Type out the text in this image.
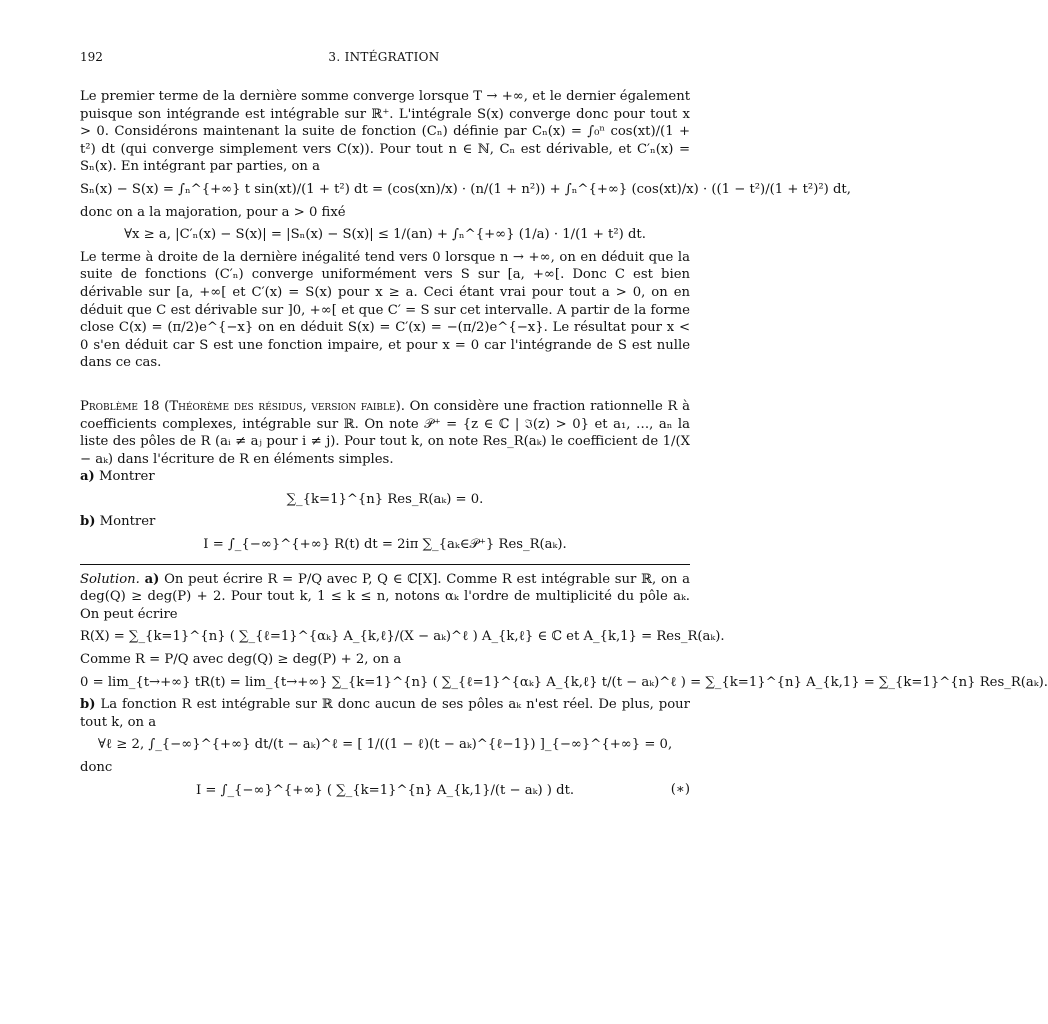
192	3. INTÉGRATION

Le premier terme de la dernière somme converge lorsque T → +∞, et le dernier également puisque son intégrande est intégrable sur ℝ⁺. L'intégrale S(x) converge donc pour tout x > 0. Considérons maintenant la suite de fonction (Cₙ) définie par Cₙ(x) = ∫₀ⁿ cos(xt)/(1 + t²) dt (qui converge simplement vers C(x)). Pour tout n ∈ ℕ, Cₙ est dérivable, et C′ₙ(x) = Sₙ(x). En intégrant par parties, on a

Sₙ(x) − S(x) = ∫ₙ^{+∞} t sin(xt)/(1 + t²) dt = (cos(xn)/x) · (n/(1 + n²)) + ∫ₙ^{+∞} (cos(xt)/x) · ((1 − t²)/(1 + t²)²) dt,

donc on a la majoration, pour a > 0 fixé

∀x ≥ a, |C′ₙ(x) − S(x)| = |Sₙ(x) − S(x)| ≤ 1/(an) + ∫ₙ^{+∞} (1/a) · 1/(1 + t²) dt.

Le terme à droite de la dernière inégalité tend vers 0 lorsque n → +∞, on en déduit que la suite de fonctions (C′ₙ) converge uniformément vers S sur [a, +∞[. Donc C est bien dérivable sur [a, +∞[ et C′(x) = S(x) pour x ≥ a. Ceci étant vrai pour tout a > 0, on en déduit que C est dérivable sur ]0, +∞[ et que C′ = S sur cet intervalle. A partir de la forme close C(x) = (π/2)e^{−x} on en déduit S(x) = C′(x) = −(π/2)e^{−x}. Le résultat pour x < 0 s'en déduit car S est une fonction impaire, et pour x = 0 car l'intégrande de S est nulle dans ce cas.

Problème 18 (Théorème des résidus, version faible). On considère une fraction rationnelle R à coefficients complexes, intégrable sur ℝ. On note 𝒫⁺ = {z ∈ ℂ | ℑ(z) > 0} et a₁, …, aₙ la liste des pôles de R (aᵢ ≠ aⱼ pour i ≠ j). Pour tout k, on note Res_R(aₖ) le coefficient de 1/(X − aₖ) dans l'écriture de R en éléments simples.

a) Montrer

∑_{k=1}^{n} Res_R(aₖ) = 0.

b) Montrer

I = ∫_{−∞}^{+∞} R(t) dt = 2iπ ∑_{aₖ∈𝒫⁺} Res_R(aₖ).

Solution. a) On peut écrire R = P/Q avec P, Q ∈ ℂ[X]. Comme R est intégrable sur ℝ, on a deg(Q) ≥ deg(P) + 2. Pour tout k, 1 ≤ k ≤ n, notons αₖ l'ordre de multiplicité du pôle aₖ. On peut écrire

R(X) = ∑_{k=1}^{n} ( ∑_{ℓ=1}^{αₖ} A_{k,ℓ}/(X − aₖ)^ℓ ) A_{k,ℓ} ∈ ℂ et A_{k,1} = Res_R(aₖ).

Comme R = P/Q avec deg(Q) ≥ deg(P) + 2, on a

0 = lim_{t→+∞} tR(t) = lim_{t→+∞} ∑_{k=1}^{n} ( ∑_{ℓ=1}^{αₖ} A_{k,ℓ} t/(t − aₖ)^ℓ ) = ∑_{k=1}^{n} A_{k,1} = ∑_{k=1}^{n} Res_R(aₖ).

b) La fonction R est intégrable sur ℝ donc aucun de ses pôles aₖ n'est réel. De plus, pour tout k, on a

∀ℓ ≥ 2, ∫_{−∞}^{+∞} dt/(t − aₖ)^ℓ = [ 1/((1 − ℓ)(t − aₖ)^{ℓ−1}) ]_{−∞}^{+∞} = 0,

donc

I = ∫_{−∞}^{+∞} ( ∑_{k=1}^{n} A_{k,1}/(t − aₖ) ) dt.	(∗)
